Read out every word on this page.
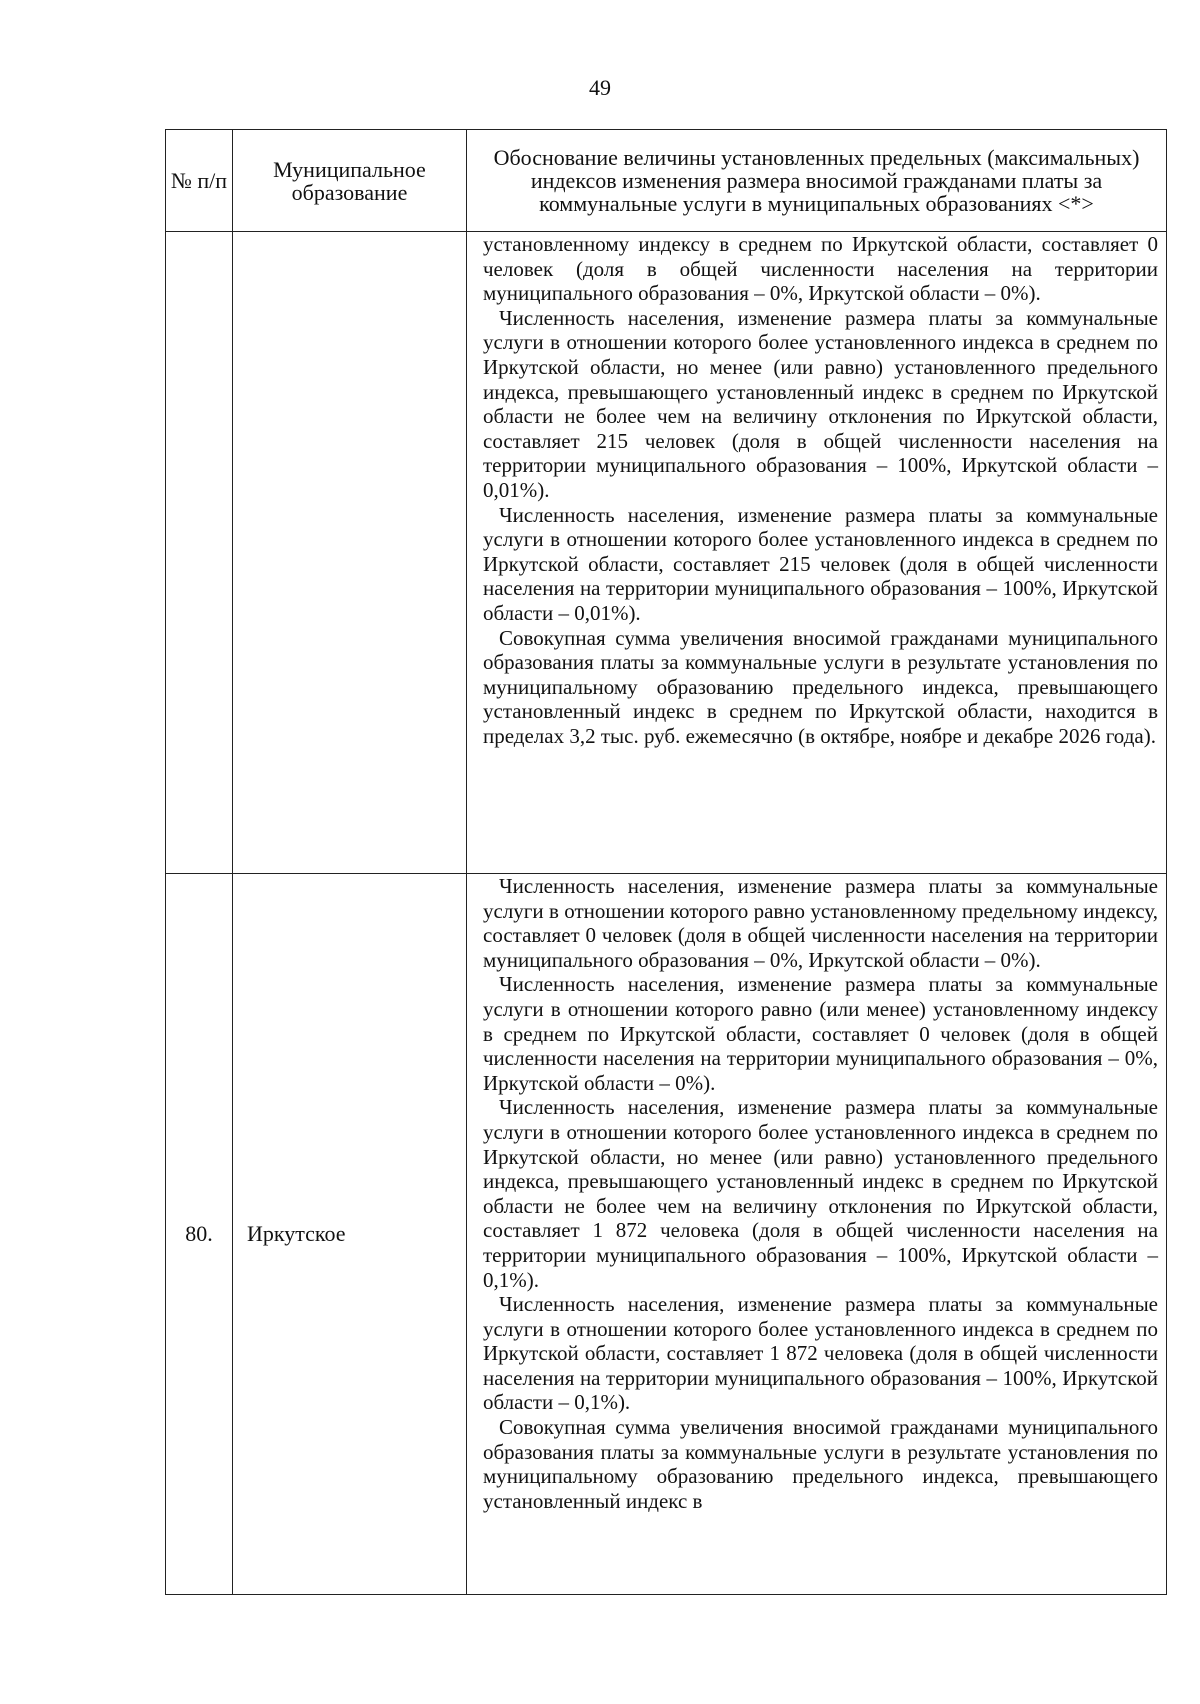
49
№ п/п	Муниципальное образование	Обоснование величины установленных предельных (максимальных) индексов изменения размера вносимой гражданами платы за коммунальные услуги в муниципальных образованиях <*>

		установленному индексу в среднем по Иркутской области, составляет 0 человек (доля в общей численности населения на территории муниципального образования – 0%, Иркутской области – 0%).

Численность населения, изменение размера платы за коммунальные услуги в отношении которого более установленного индекса в среднем по Иркутской области, но менее (или равно) установленного предельного индекса, превышающего установленный индекс в среднем по Иркутской области не более чем на величину отклонения по Иркутской области, составляет 215 человек (доля в общей численности населения на территории муниципального образования – 100%, Иркутской области – 0,01%).

Численность населения, изменение размера платы за коммунальные услуги в отношении которого более установленного индекса в среднем по Иркутской области, составляет 215 человек (доля в общей численности населения на территории муниципального образования – 100%, Иркутской области – 0,01%).

Совокупная сумма увеличения вносимой гражданами муниципального образования платы за коммунальные услуги в результате установления по муниципальному образованию предельного индекса, превышающего установленный индекс в среднем по Иркутской области, находится в пределах 3,2 тыс. руб. ежемесячно (в октябре, ноябре и декабре 2026 года).

80.	Иркутское	Численность населения, изменение размера платы за коммунальные услуги в отношении которого равно установленному предельному индексу, составляет 0 человек (доля в общей численности населения на территории муниципального образования – 0%, Иркутской области – 0%).

Численность населения, изменение размера платы за коммунальные услуги в отношении которого равно (или менее) установленному индексу в среднем по Иркутской области, составляет 0 человек (доля в общей численности населения на территории муниципального образования – 0%, Иркутской области – 0%).

Численность населения, изменение размера платы за коммунальные услуги в отношении которого более установленного индекса в среднем по Иркутской области, но менее (или равно) установленного предельного индекса, превышающего установленный индекс в среднем по Иркутской области не более чем на величину отклонения по Иркутской области, составляет 1 872 человека (доля в общей численности населения на территории муниципального образования – 100%, Иркутской области – 0,1%).

Численность населения, изменение размера платы за коммунальные услуги в отношении которого более установленного индекса в среднем по Иркутской области, составляет 1 872 человека (доля в общей численности населения на территории муниципального образования – 100%, Иркутской области – 0,1%).

Совокупная сумма увеличения вносимой гражданами муниципального образования платы за коммунальные услуги в результате установления по муниципальному образованию предельного индекса, превышающего установленный индекс в
